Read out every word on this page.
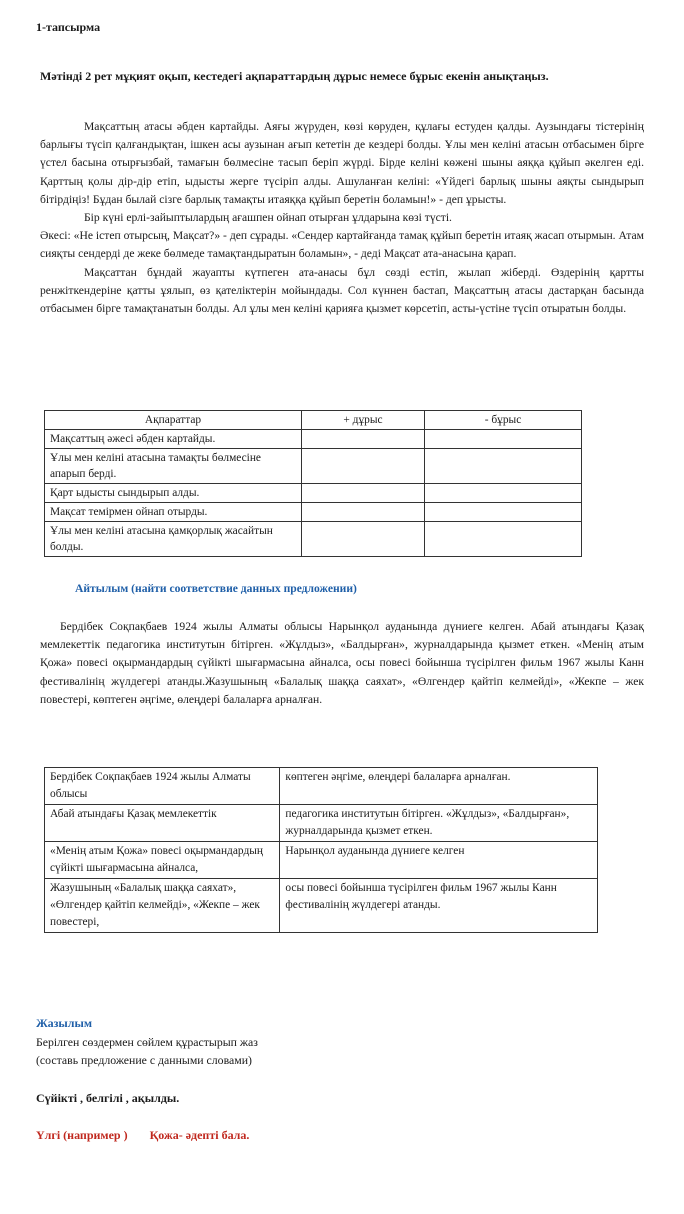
1-тапсырма
Мәтінді 2 рет мұқият оқып, кестедегі ақпараттардың дұрыс немесе бұрыс екенін анықтаңыз.

Мақсаттың атасы әбден картайды. Аяғы жүруден, көзі көруден, құлағы естуден қалды. Аузындағы тістерінің барлығы түсіп қалғандықтан, ішкен асы аузынан ағып кететін де кездері болды. Ұлы мен келіні атасын отбасымен бірге үстел басына отырғызбай, тамағын бөлмесіне тасып беріп жүрді. Бірде келіні көжені шыны аяққа құйып әкелген еді. Қарттың қолы дір-дір етіп, ыдысты жерге түсіріп алды. Ашуланған келіні: «Үйдегі барлық шыны аяқты сындырып бітірдіңіз! Бұдан былай сізге барлық тамақты итаяққа құйып беретін боламын!» - деп ұрысты.

Бір күні ерлі-зайыптылардың ағашпен ойнап отырған ұлдарына көзі түсті.

Әкесі: «Не істеп отырсың, Мақсат?» - деп сұрады. «Сендер картайғанда тамақ құйып беретін итаяқ жасап отырмын. Атам сияқты сендерді де жеке бөлмеде тамақтандыратын боламын», - деді Мақсат ата-анасына қарап.

Мақсаттан бұндай жауапты күтпеген ата-анасы бұл сөзді естіп, жылап жіберді. Өздерінің қартты ренжіткендеріне қатты ұялып, өз қателіктерін мойындады. Сол күннен бастап, Мақсаттың атасы дастарқан басында отбасымен бірге тамақтанатын болды. Ал ұлы мен келіні қарияға қызмет көрсетіп, асты-үстіне түсіп отыратын болды.

Ақпараттар	+ дұрыс	- бұрыс
Мақсаттың әжесі әбден картайды.		
Ұлы мен келіні атасына тамақты бөлмесіне апарып берді.		
Қарт ыдысты сындырып алды.		
Мақсат темірмен ойнап отырды.		
Ұлы мен келіні атасына қамқорлық жасайтын болды.		
Айтылым (найти соответствие данных предложении)

Бердібек Соқпақбаев 1924 жылы Алматы облысы Нарынқол ауданында дүниеге келген. Абай атындағы Қазақ мемлекеттік педагогика институтын бітірген. «Жұлдыз», «Балдырған», журналдарында қызмет еткен. «Менің атым Қожа» повесі оқырмандардың сүйікті шығармасына айналса, осы повесі бойынша түсірілген фильм 1967 жылы Канн фестивалінің жүлдегері атанды.Жазушының «Балалық шаққа саяхат», «Өлгендер қайтіп келмейді», «Жекпе – жек повестері, көптеген әңгіме, өлеңдері балаларға арналған.

Бердібек Соқпақбаев 1924 жылы Алматы облысы	көптеген әңгіме, өлеңдері балаларға арналған.
Абай атындағы Қазақ мемлекеттік	педагогика институтын бітірген. «Жұлдыз», «Балдырған», журналдарында қызмет еткен.
«Менің атым Қожа» повесі оқырмандардың сүйікті шығармасына айналса,	Нарынқол ауданында дүниеге келген
Жазушының «Балалық шаққа саяхат», «Өлгендер қайтіп келмейді», «Жекпе – жек повестері,	осы повесі бойынша түсірілген фильм 1967 жылы Канн фестивалінің жүлдегері атанды.
Жазылым
Берілген сөздермен сөйлем құрастырып жаз
(составь предложение с данными словами)
Сүйікті , белгілі , ақылды.
Үлгі (например ) Қожа- әдепті бала.
